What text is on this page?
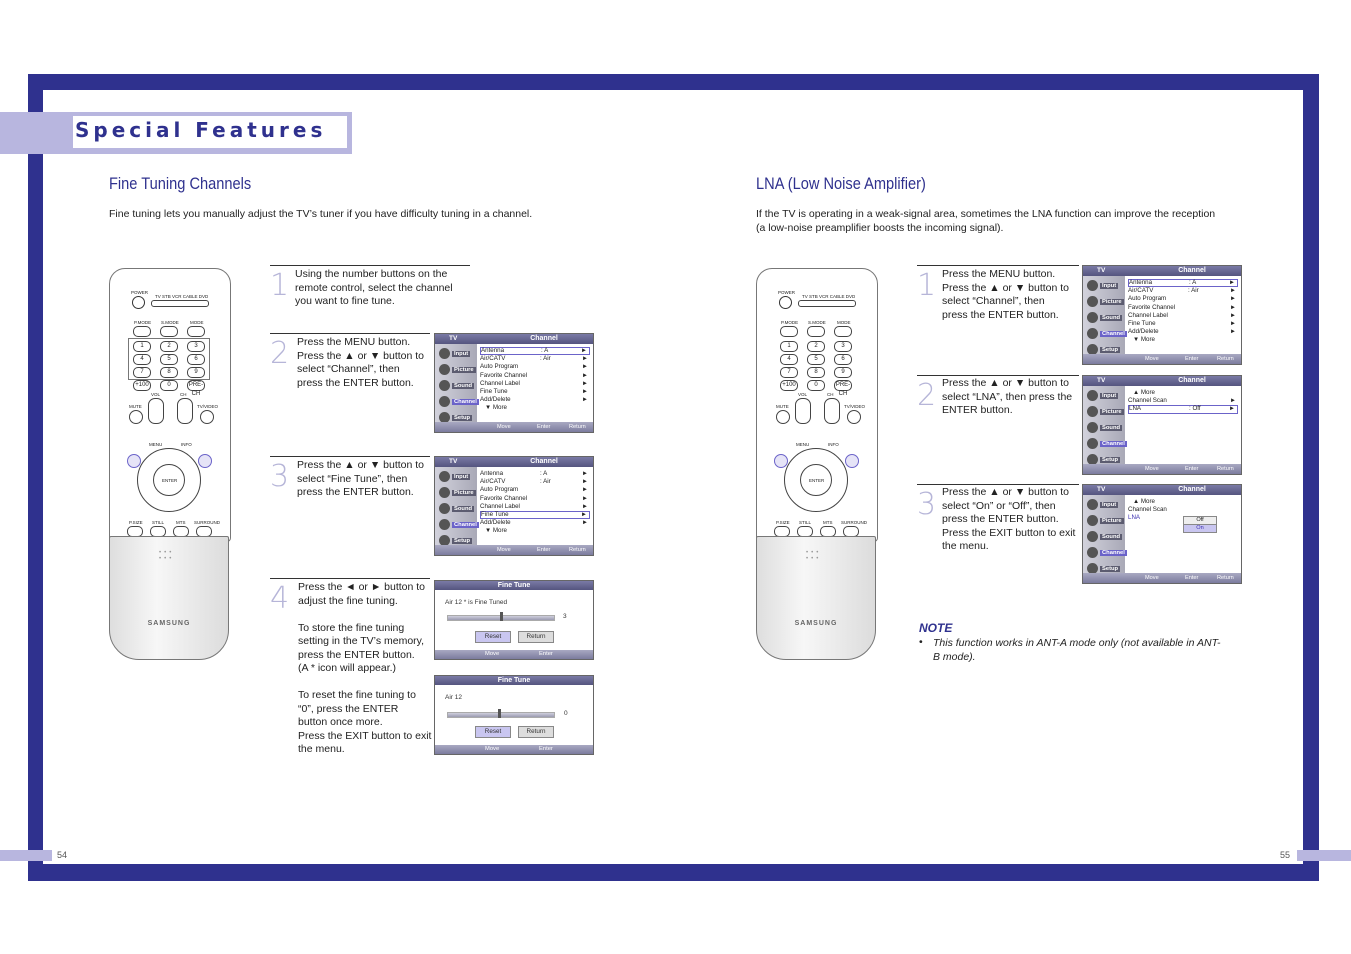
Special Features
54	55
Fine Tuning Channels
Fine tuning lets you manually adjust the TV’s tuner if you have difficulty tuning in a channel.
POWER
TV STB VCR CABLE DVD
P.MODE S.MODE MODE
1	2	3
4	5	6
7	8	9
+100	0	PRE-CH
MUTE
VOL	CH
TV/VIDEO
MENU	INFO
ENTER
P.SIZE STILL	MTS SURROUND
•••
•••
SAMSUNG
1 Using the number buttons on the
remote control, select the channel
you want to fine tune.
2 Press the MENU button.
Press the ▲ or ▼ button to
select “Channel”, then
press the ENTER button.
3 Press the ▲ or ▼ button to
select “Fine Tune”, then
press the ENTER button.
4 Press the ◄ or ► button to
adjust the fine tuning.

To store the fine tuning
setting in the TV’s memory,
press the ENTER button.
(A * icon will appear.)

To reset the fine tuning to
“0”, press the ENTER
button once more.
Press the EXIT button to exit
the menu.
TV	Channel
Input
Picture
Sound
Channel
Setup
Antenna	: A	►
Air/CATV	: Air	►
Auto Program	►
Favorite Channel	►
Channel Label	►
Fine Tune	►
Add/Delete	►
▼ More
Move	Enter	Return
TV	Channel
Input
Picture
Sound
Channel
Setup
Antenna	: A	►
Air/CATV	: Air	►
Auto Program	►
Favorite Channel	►
Channel Label	►
Fine Tune	►
Add/Delete	►
▼ More
Move	Enter	Return
Fine Tune
Air 12 * is Fine Tuned
3
Reset	Return
Move	Enter
Fine Tune
Air 12
0
Reset	Return
Move	Enter
LNA (Low Noise Amplifier)
If the TV is operating in a weak-signal area, sometimes the LNA function can improve the reception (a low-noise preamplifier boosts the incoming signal).
POWER
TV STB VCR CABLE DVD
P.MODE S.MODE MODE
1	2	3
4	5	6
7	8	9
+100	0	PRE-CH
MUTE
VOL	CH
TV/VIDEO
MENU	INFO
ENTER
P.SIZE STILL	MTS SURROUND
•••
•••
SAMSUNG
1 Press the MENU button.
Press the ▲ or ▼ button to
select “Channel”, then
press the ENTER button.
2 Press the ▲ or ▼ button to
select “LNA”, then press the
ENTER button.
3 Press the ▲ or ▼ button to
select “On” or “Off”, then
press the ENTER button.
Press the EXIT button to exit
the menu.
TV	Channel
Input
Picture
Sound
Channel
Setup
Antenna	: A	►
Air/CATV	: Air	►
Auto Program	►
Favorite Channel	►
Channel Label	►
Fine Tune	►
Add/Delete	►
▼ More
Move	Enter	Return
TV	Channel
Input
Picture
Sound
Channel
Setup
▲ More
Channel Scan	►
LNA	: Off	►
Move	Enter	Return
TV	Channel
Input
Picture
Sound
Channel
Setup
▲ More
Channel Scan
LNA	Off
On
Move	Enter	Return
NOTE
• This function works in ANT-A mode only (not available in ANT-B mode).
